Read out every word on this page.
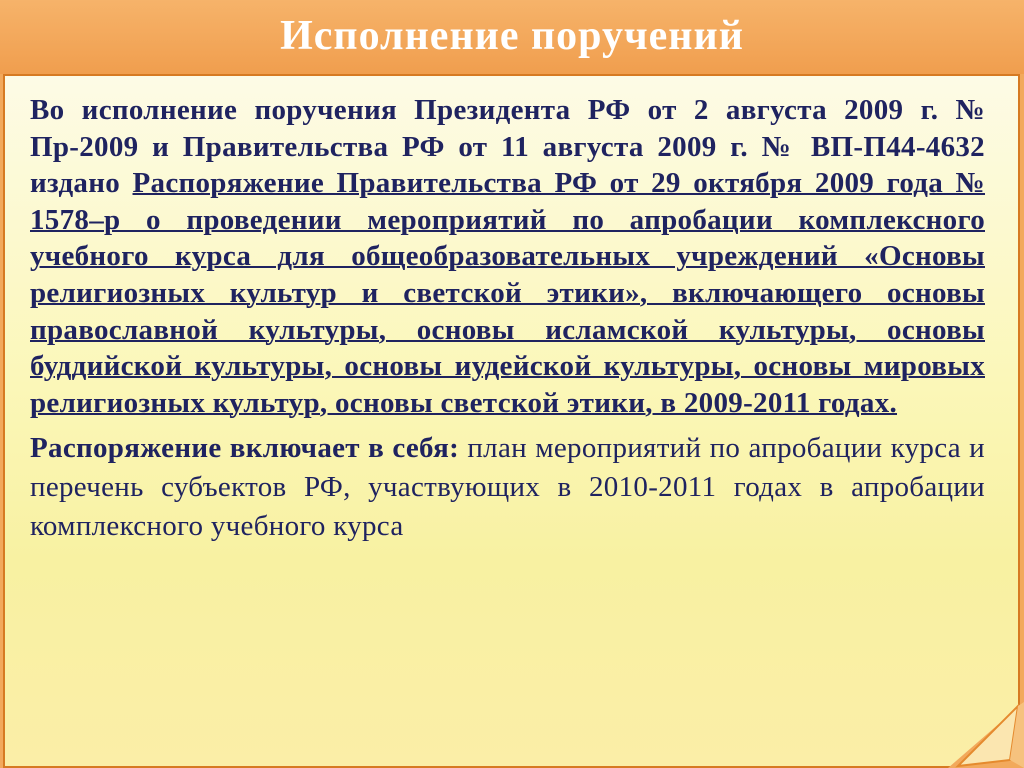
Исполнение поручений

Во исполнение поручения Президента РФ от 2 августа 2009 г. № Пр-2009 и Правительства РФ от 11 августа 2009 г. № ВП-П44-4632 издано Распоряжение Правительства РФ от 29 октября 2009 года № 1578–р о проведении мероприятий по апробации комплексного учебного курса для общеобразовательных учреждений «Основы религиозных культур и светской этики», включающего основы православной культуры, основы исламской культуры, основы буддийской культуры, основы иудейской культуры, основы мировых религиозных культур, основы светской этики, в 2009-2011 годах.

Распоряжение включает в себя: план мероприятий по апробации курса и перечень субъектов РФ, участвующих в 2010-2011 годах в апробации комплексного учебного курса
